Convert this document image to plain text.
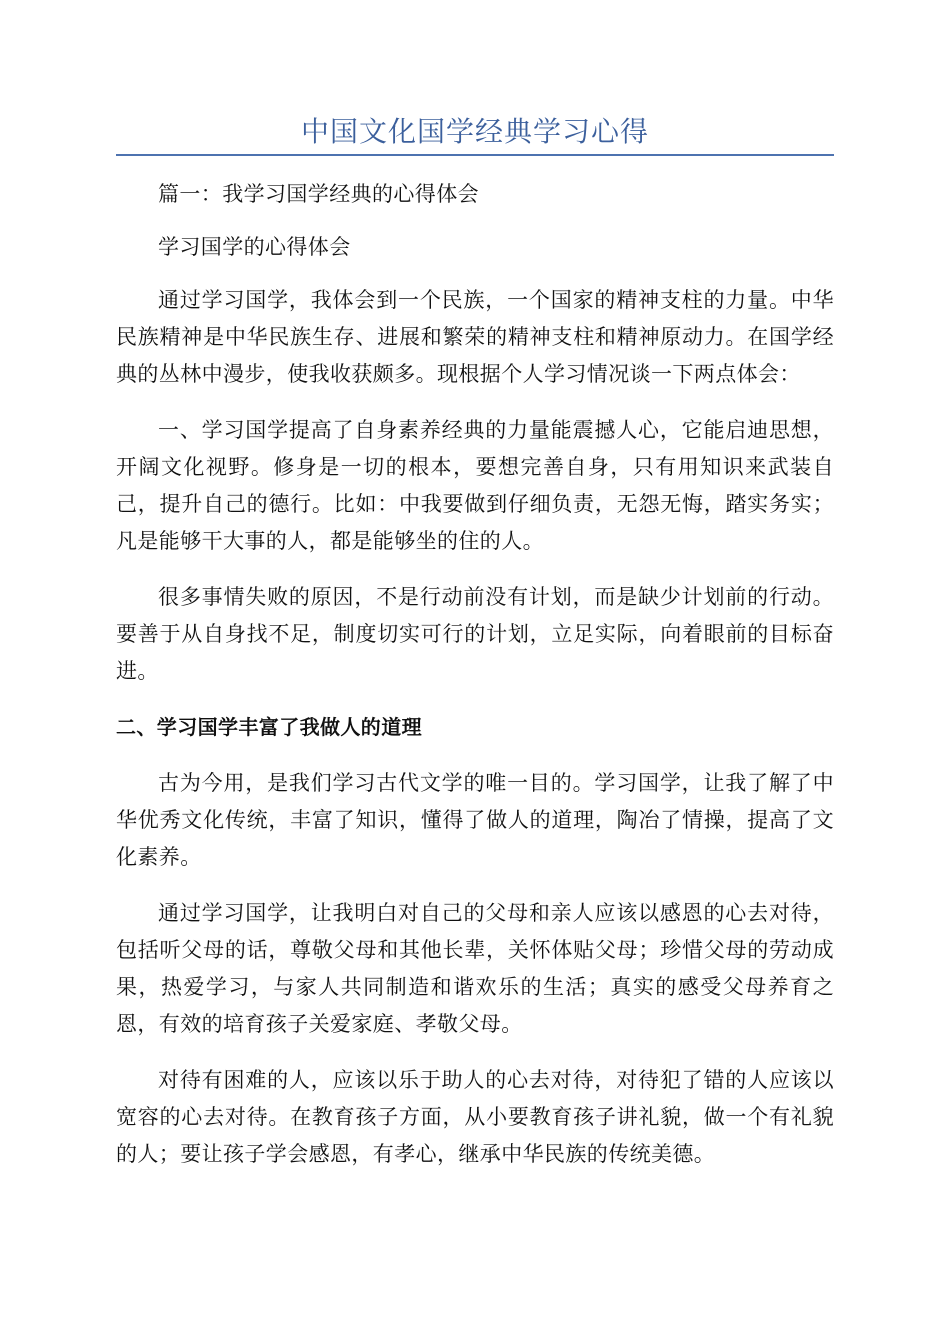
中国文化国学经典学习心得

篇一：我学习国学经典的心得体会

学习国学的心得体会

通过学习国学，我体会到一个民族，一个国家的精神支柱的力量。中华民族精神是中华民族生存、进展和繁荣的精神支柱和精神原动力。在国学经典的丛林中漫步，使我收获颇多。现根据个人学习情况谈一下两点体会：

一、学习国学提高了自身素养经典的力量能震撼人心，它能启迪思想，开阔文化视野。修身是一切的根本，要想完善自身，只有用知识来武装自己，提升自己的德行。比如：中我要做到仔细负责，无怨无悔，踏实务实；凡是能够干大事的人，都是能够坐的住的人。

很多事情失败的原因，不是行动前没有计划，而是缺少计划前的行动。要善于从自身找不足，制度切实可行的计划，立足实际，向着眼前的目标奋进。

二、学习国学丰富了我做人的道理

古为今用，是我们学习古代文学的唯一目的。学习国学，让我了解了中华优秀文化传统，丰富了知识，懂得了做人的道理，陶冶了情操，提高了文化素养。

通过学习国学，让我明白对自己的父母和亲人应该以感恩的心去对待，包括听父母的话，尊敬父母和其他长辈，关怀体贴父母；珍惜父母的劳动成果，热爱学习，与家人共同制造和谐欢乐的生活；真实的感受父母养育之恩，有效的培育孩子关爱家庭、孝敬父母。

对待有困难的人，应该以乐于助人的心去对待，对待犯了错的人应该以宽容的心去对待。在教育孩子方面，从小要教育孩子讲礼貌，做一个有礼貌的人；要让孩子学会感恩，有孝心，继承中华民族的传统美德。
